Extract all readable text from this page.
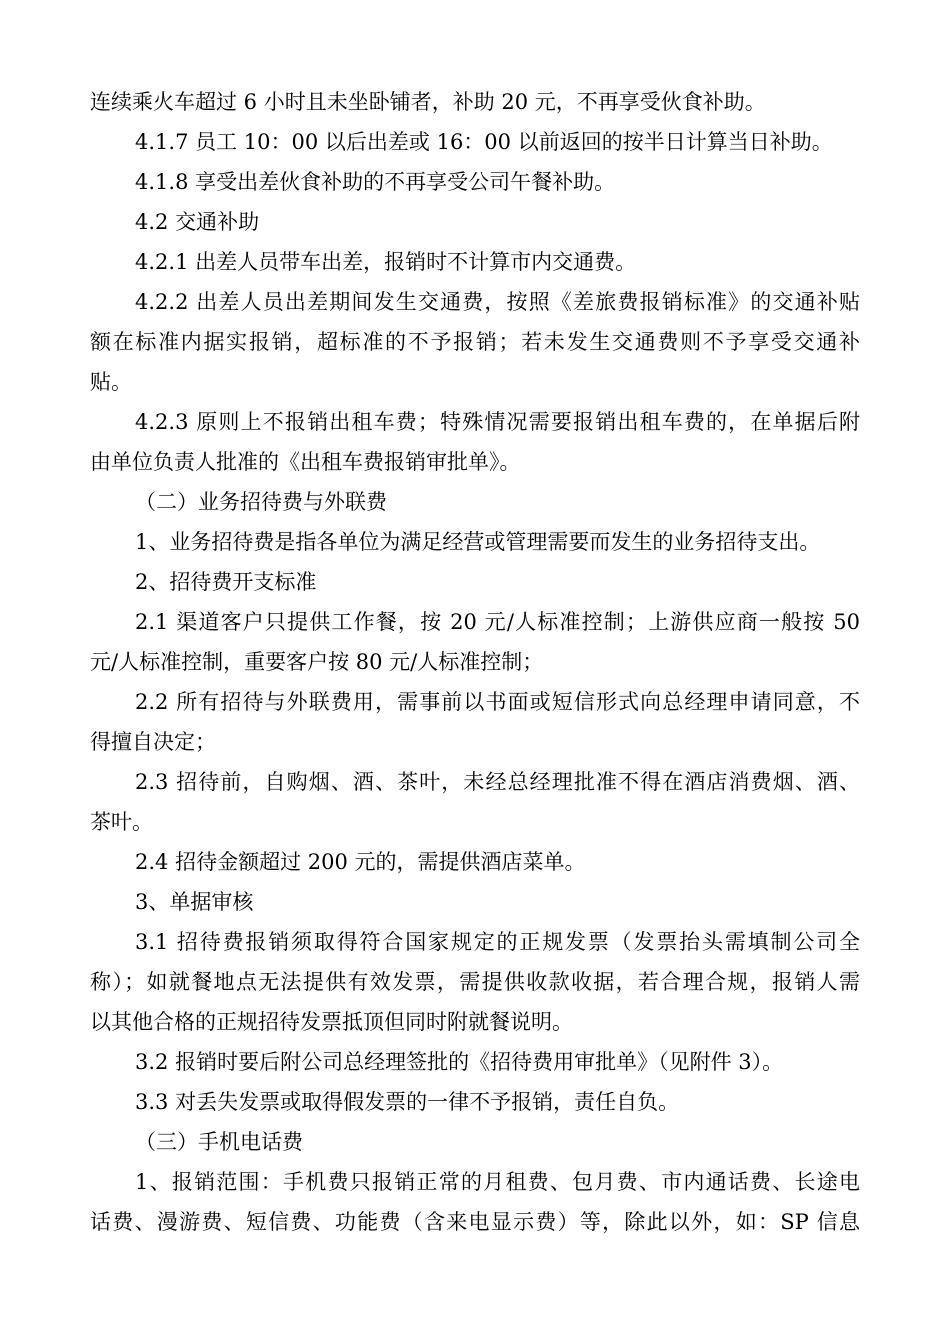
连续乘火车超过 6 小时且未坐卧铺者，补助 20 元，不再享受伙食补助。
4.1.7 员工 10：00 以后出差或 16：00 以前返回的按半日计算当日补助。
4.1.8 享受出差伙食补助的不再享受公司午餐补助。
4.2 交通补助
4.2.1 出差人员带车出差，报销时不计算市内交通费。
4.2.2 出差人员出差期间发生交通费，按照《差旅费报销标准》的交通补贴
额在标准内据实报销，超标准的不予报销；若未发生交通费则不予享受交通补
贴。
4.2.3 原则上不报销出租车费；特殊情况需要报销出租车费的，在单据后附
由单位负责人批准的《出租车费报销审批单》。
（二）业务招待费与外联费
1、业务招待费是指各单位为满足经营或管理需要而发生的业务招待支出。
2、招待费开支标准
2.1 渠道客户只提供工作餐，按 20 元/人标准控制；上游供应商一般按 50
元/人标准控制，重要客户按 80 元/人标准控制；
2.2 所有招待与外联费用，需事前以书面或短信形式向总经理申请同意，不
得擅自决定；
2.3 招待前，自购烟、酒、茶叶，未经总经理批准不得在酒店消费烟、酒、
茶叶。
2.4 招待金额超过 200 元的，需提供酒店菜单。
3、单据审核
3.1 招待费报销须取得符合国家规定的正规发票（发票抬头需填制公司全
称）；如就餐地点无法提供有效发票，需提供收款收据，若合理合规，报销人需
以其他合格的正规招待发票抵顶但同时附就餐说明。
3.2 报销时要后附公司总经理签批的《招待费用审批单》（见附件 3）。
3.3 对丢失发票或取得假发票的一律不予报销，责任自负。
（三）手机电话费
1、报销范围：手机费只报销正常的月租费、包月费、市内通话费、长途电
话费、漫游费、短信费、功能费（含来电显示费）等，除此以外，如：SP 信息
